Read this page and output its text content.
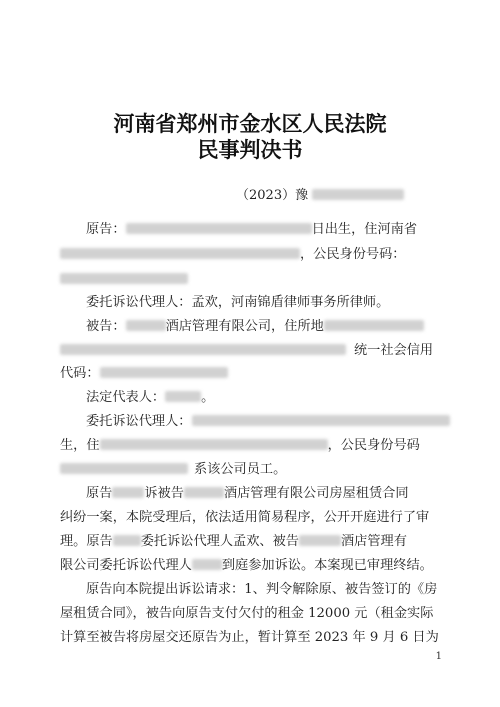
河南省郑州市金水区人民法院
民事判决书
（2023）豫
原告：	日出生，住河南省
，公民身份号码：
委托诉讼代理人：孟欢，河南锦盾律师事务所律师。
被告：	酒店管理有限公司，住所地
统一社会信用
代码：
法定代表人：	。
委托诉讼代理人：
生，住	，公民身份号码
系该公司员工。
原告 诉被告	酒店管理有限公司房屋租赁合同
纠纷一案，本院受理后，依法适用简易程序，公开开庭进行了审
理。原告 委托诉讼代理人孟欢、被告	酒店管理有
限公司委托诉讼代理人 到庭参加诉讼。本案现已审理终结。
原告向本院提出诉讼请求：1、判令解除原、被告签订的《房
屋租赁合同》，被告向原告支付欠付的租金 12000 元（租金实际
计算至被告将房屋交还原告为止，暂计算至 2023 年 9 月 6 日为
1
